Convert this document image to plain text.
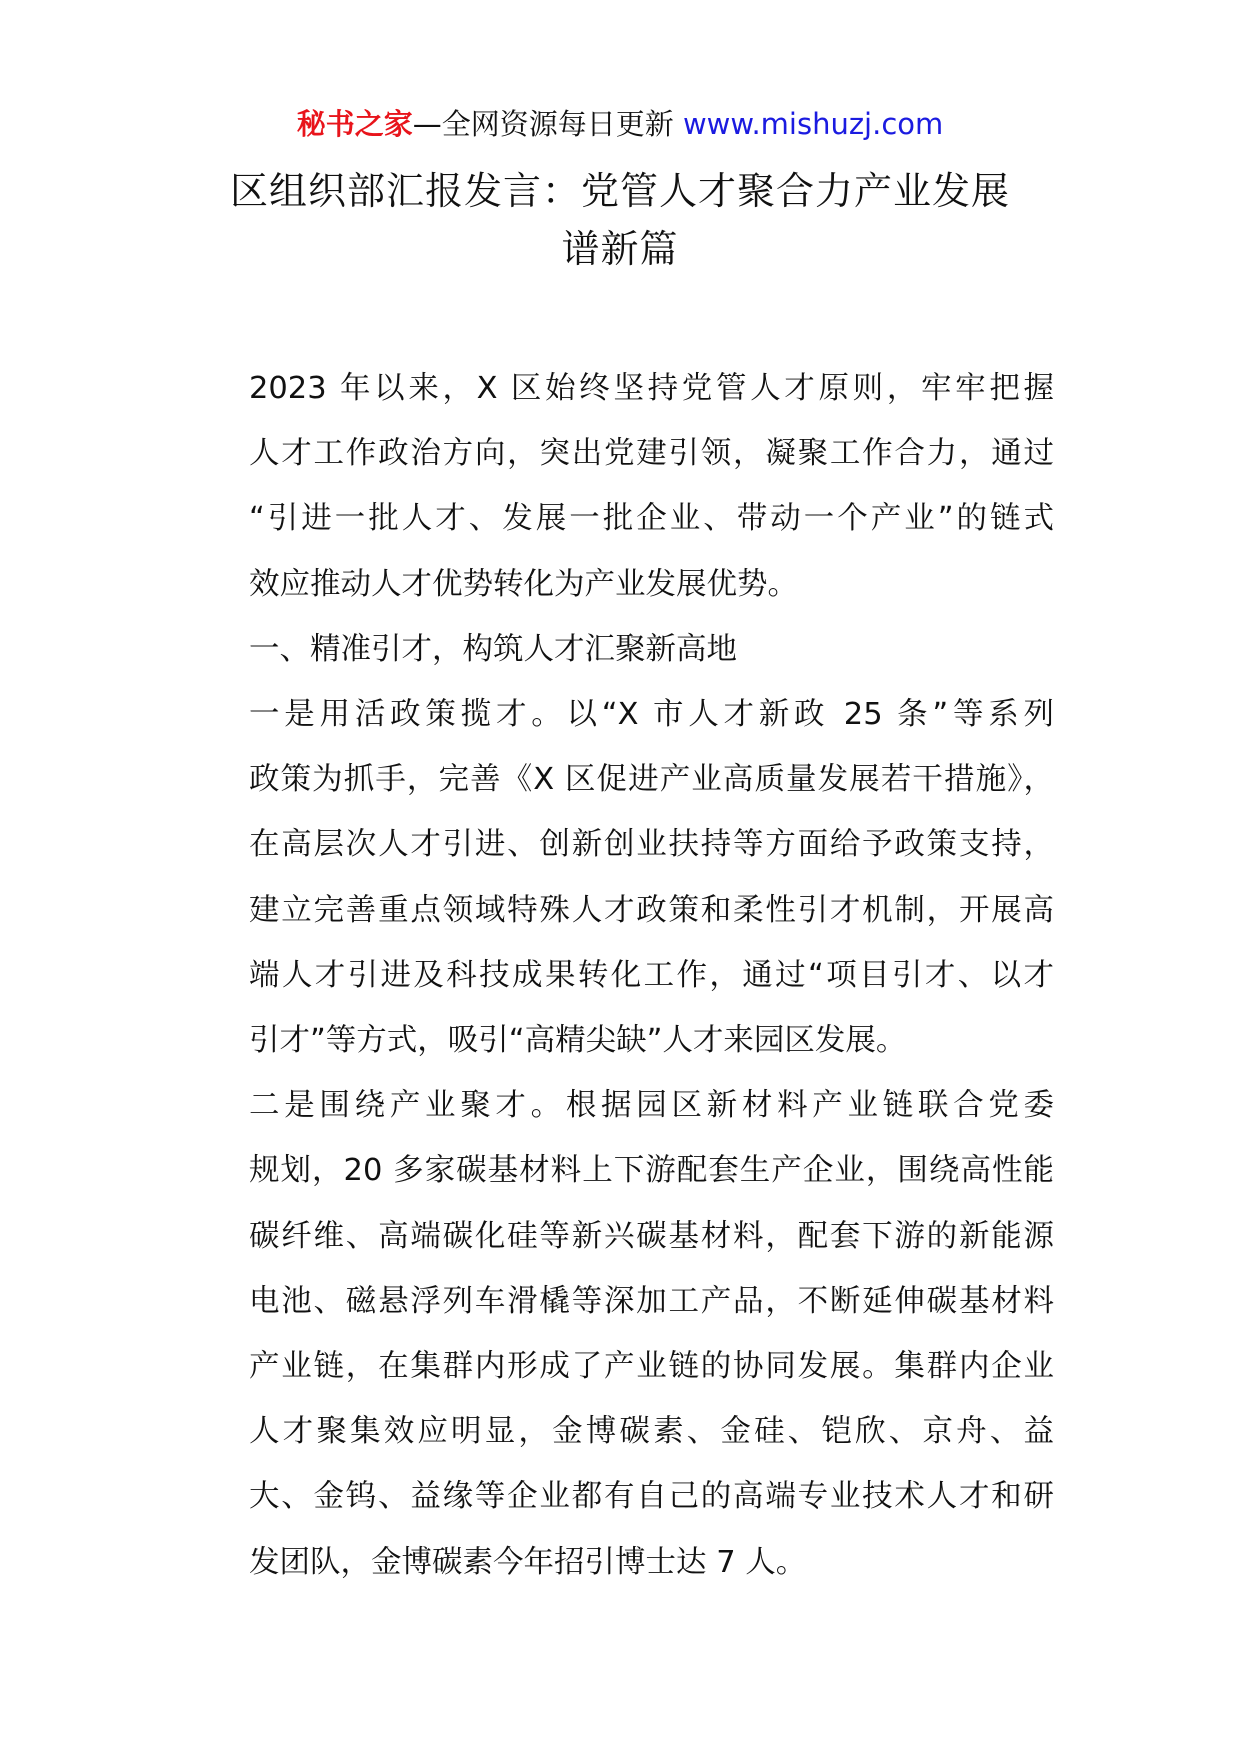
秘书之家—全网资源每日更新 www.mishuzj.com
区组织部汇报发言：党管人才聚合力产业发展
谱新篇

2023 年以来，X 区始终坚持党管人才原则，牢牢把握
人才工作政治方向，突出党建引领，凝聚工作合力，通过
“引进一批人才、发展一批企业、带动一个产业”的链式
效应推动人才优势转化为产业发展优势。

一、精准引才，构筑人才汇聚新高地

一是用活政策揽才。以“X 市人才新政 25 条”等系列
政策为抓手，完善《X 区促进产业高质量发展若干措施》，
在高层次人才引进、创新创业扶持等方面给予政策支持，
建立完善重点领域特殊人才政策和柔性引才机制，开展高
端人才引进及科技成果转化工作，通过“项目引才、以才
引才”等方式，吸引“高精尖缺”人才来园区发展。

二是围绕产业聚才。根据园区新材料产业链联合党委
规划，20 多家碳基材料上下游配套生产企业，围绕高性能
碳纤维、高端碳化硅等新兴碳基材料，配套下游的新能源
电池、磁悬浮列车滑橇等深加工产品，不断延伸碳基材料
产业链，在集群内形成了产业链的协同发展。集群内企业
人才聚集效应明显，金博碳素、金硅、铠欣、京舟、益
大、金钨、益缘等企业都有自己的高端专业技术人才和研
发团队，金博碳素今年招引博士达 7 人。
